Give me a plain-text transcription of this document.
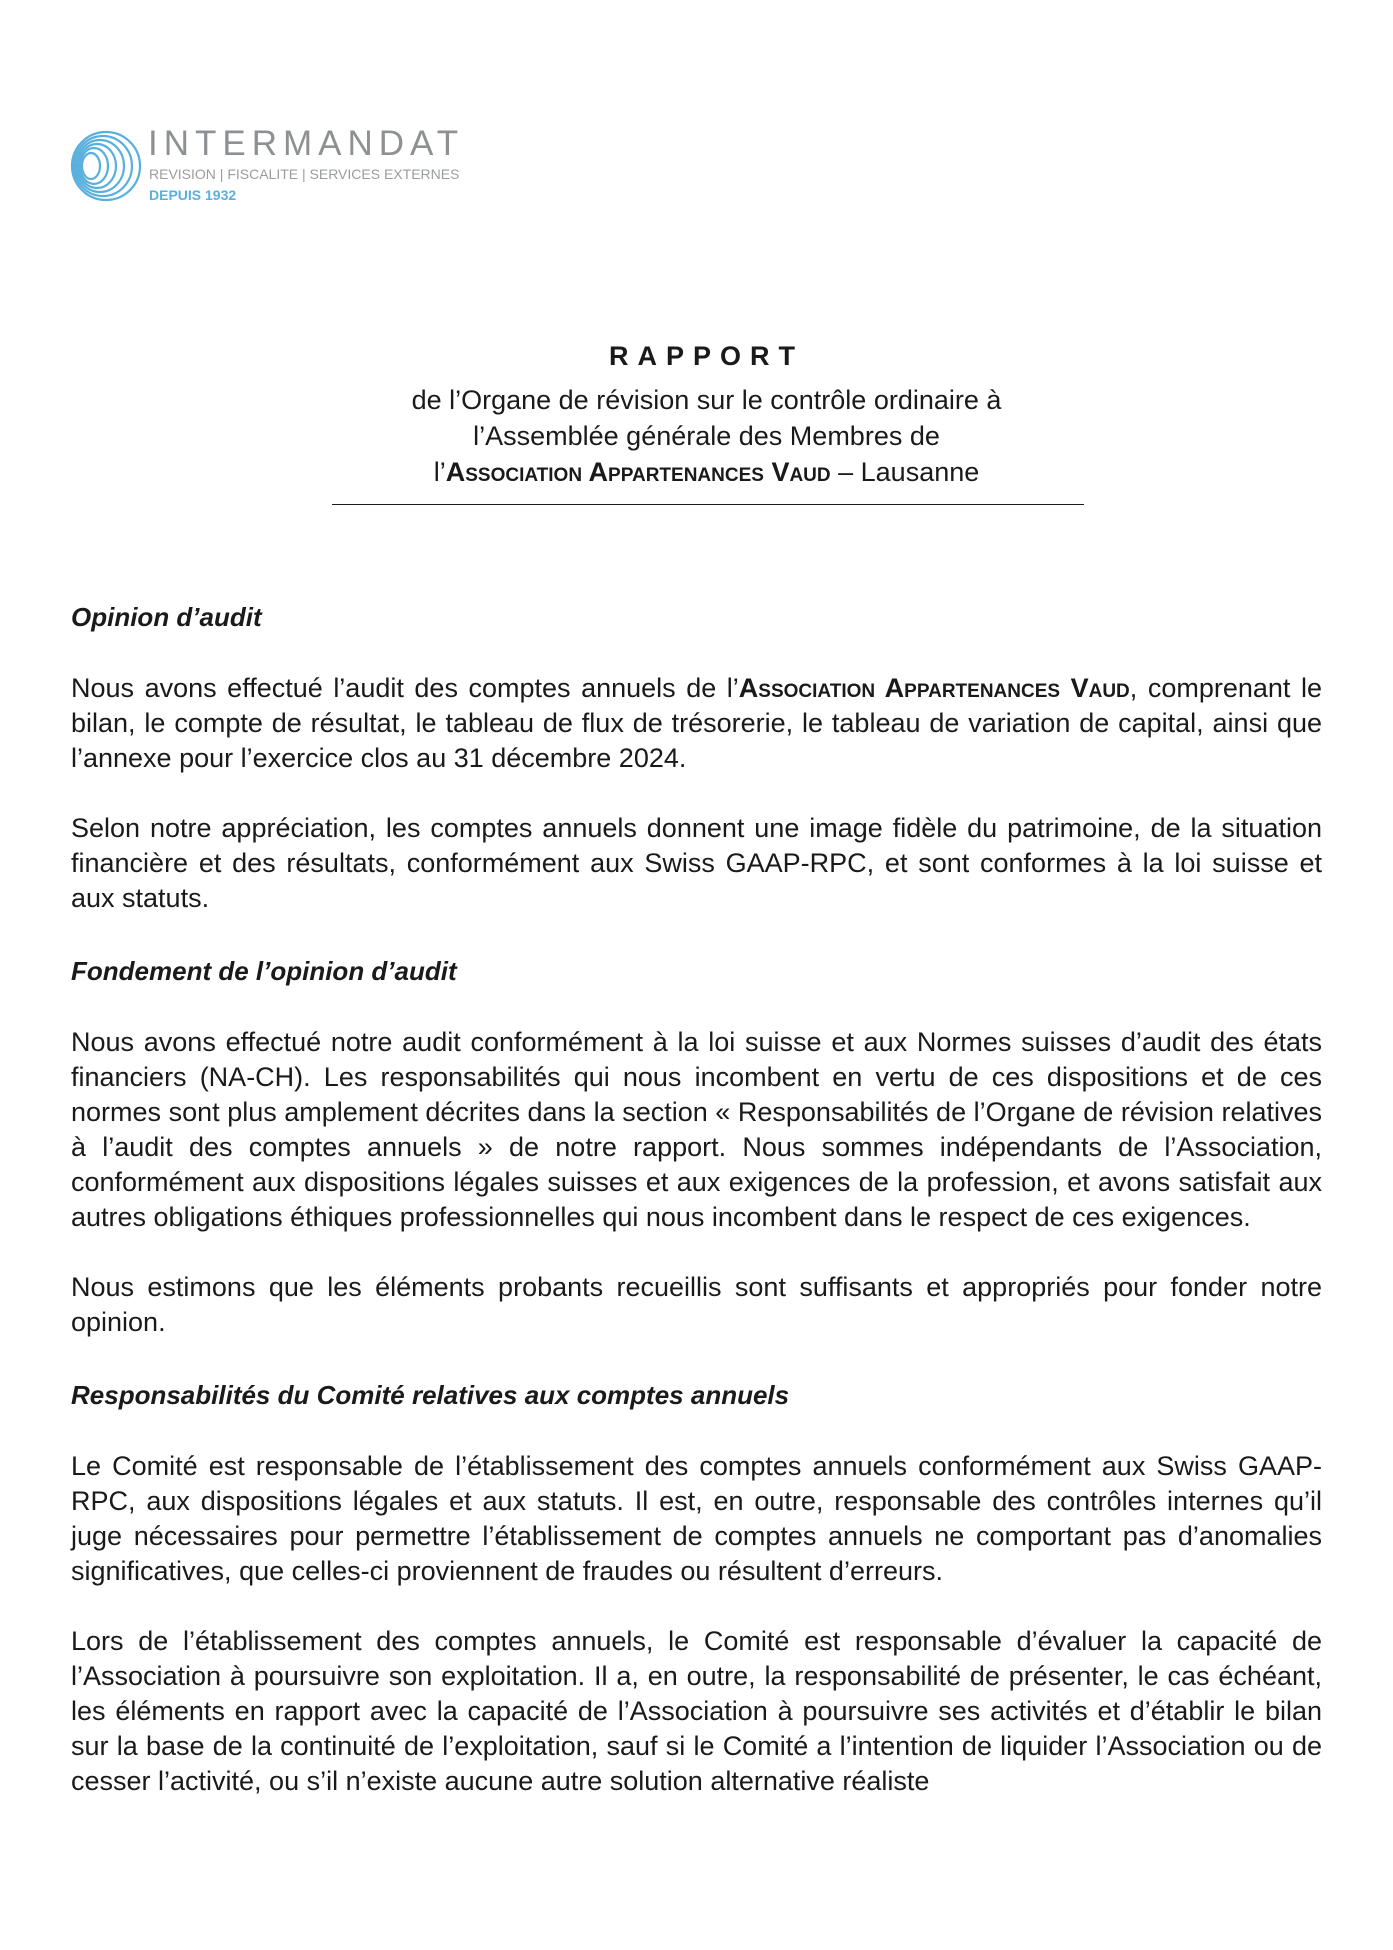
INTERMANDAT
REVISION | FISCALITE | SERVICES EXTERNES
DEPUIS 1932
RAPPORT
de l’Organe de révision sur le contrôle ordinaire à
l’Assemblée générale des Membres de
l’Association Appartenances Vaud – Lausanne
Opinion d’audit

Nous avons effectué l’audit des comptes annuels de l’Association Appartenances Vaud, comprenant le bilan, le compte de résultat, le tableau de flux de trésorerie, le tableau de variation de capital, ainsi que l’annexe pour l’exercice clos au 31 décembre 2024.

Selon notre appréciation, les comptes annuels donnent une image fidèle du patrimoine, de la situation financière et des résultats, conformément aux Swiss GAAP-RPC, et sont conformes à la loi suisse et aux statuts.

Fondement de l’opinion d’audit

Nous avons effectué notre audit conformément à la loi suisse et aux Normes suisses d’audit des états financiers (NA-CH). Les responsabilités qui nous incombent en vertu de ces dispositions et de ces normes sont plus amplement décrites dans la section « Responsabilités de l’Organe de révision relatives à l’audit des comptes annuels » de notre rapport. Nous sommes indépendants de l’Association, conformément aux dispositions légales suisses et aux exigences de la profession, et avons satisfait aux autres obligations éthiques professionnelles qui nous incombent dans le respect de ces exigences.

Nous estimons que les éléments probants recueillis sont suffisants et appropriés pour fonder notre opinion.

Responsabilités du Comité relatives aux comptes annuels

Le Comité est responsable de l’établissement des comptes annuels conformément aux Swiss GAAP-RPC, aux dispositions légales et aux statuts. Il est, en outre, responsable des contrôles internes qu’il juge nécessaires pour permettre l’établissement de comptes annuels ne comportant pas d’anomalies significatives, que celles-ci proviennent de fraudes ou résultent d’erreurs.

Lors de l’établissement des comptes annuels, le Comité est responsable d’évaluer la capacité de l’Association à poursuivre son exploitation. Il a, en outre, la responsabilité de présenter, le cas échéant, les éléments en rapport avec la capacité de l’Association à poursuivre ses activités et d’établir le bilan sur la base de la continuité de l’exploitation, sauf si le Comité a l’intention de liquider l’Association ou de cesser l’activité, ou s’il n’existe aucune autre solution alternative réaliste
